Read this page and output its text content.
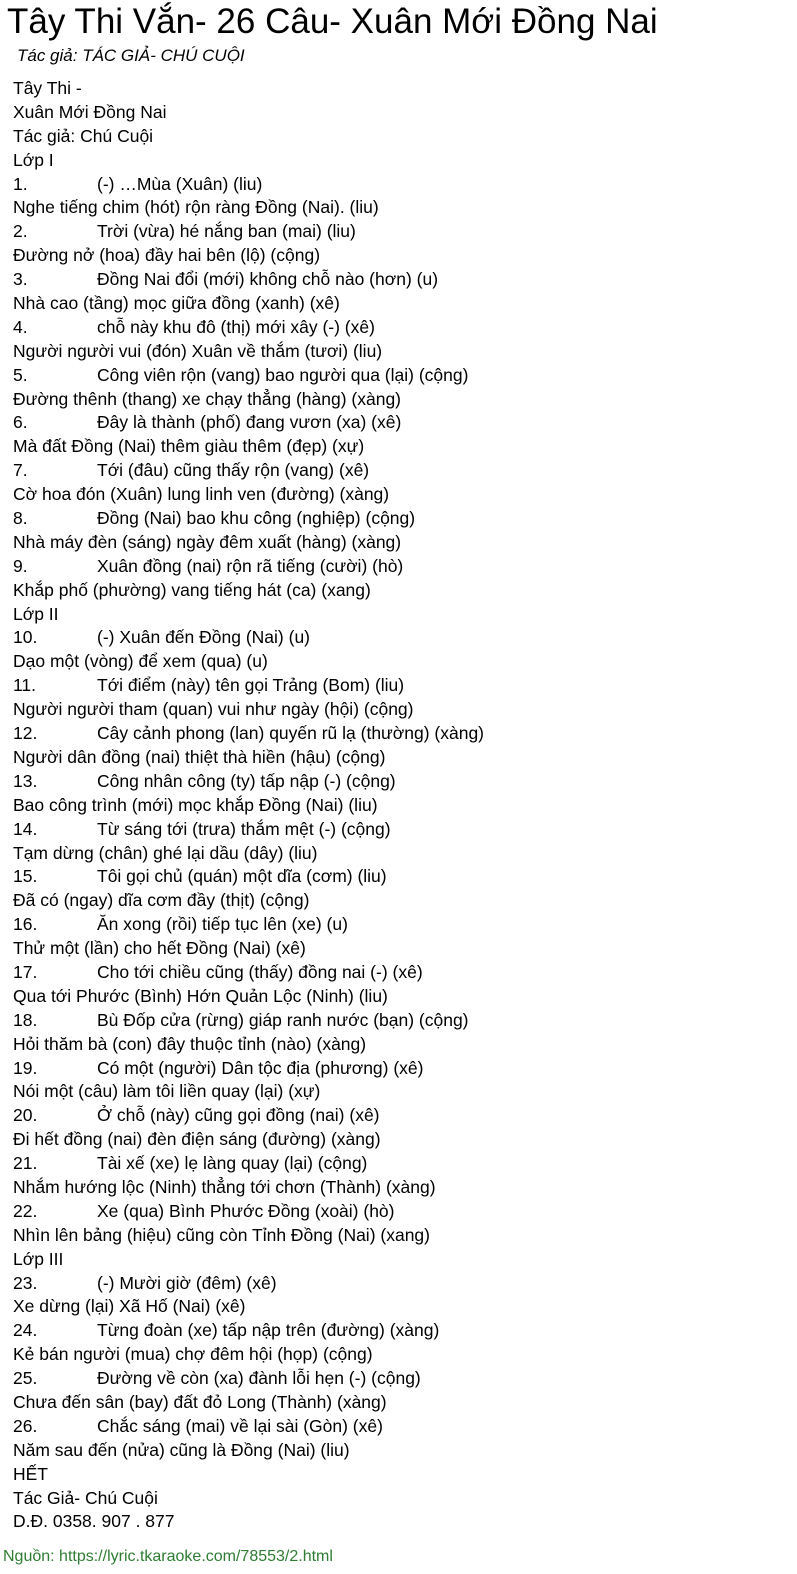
Tây Thi Vắn- 26 Câu- Xuân Mới Đồng Nai
Tác giả: TÁC GIẢ- CHÚ CUỘI
Tây Thi -
Xuân Mới Đồng Nai
Tác giả: Chú Cuội
Lớp I
1.	(-) …Mùa (Xuân) (liu)
Nghe tiếng chim (hót) rộn ràng Đồng (Nai). (liu)
2.	Trời (vừa) hé nắng ban (mai) (liu)
Đường nở (hoa) đầy hai bên (lộ) (cộng)
3.	Đồng Nai đổi (mới) không chỗ nào (hơn) (u)
Nhà cao (tầng) mọc giữa đồng (xanh) (xê)
4.	chỗ này khu đô (thị) mới xây (-) (xê)
Người người vui (đón) Xuân về thắm (tươi) (liu)
5.	Công viên rộn (vang) bao người qua (lại) (cộng)
Đường thênh (thang) xe chạy thẳng (hàng) (xàng)
6.	Đây là thành (phố) đang vươn (xa) (xê)
Mà đất Đồng (Nai) thêm giàu thêm (đẹp) (xự)
7.	Tới (đâu) cũng thấy rộn (vang) (xê)
Cờ hoa đón (Xuân) lung linh ven (đường) (xàng)
8.	Đồng (Nai) bao khu công (nghiệp) (cộng)
Nhà máy đèn (sáng) ngày đêm xuất (hàng) (xàng)
9.	Xuân đồng (nai) rộn rã tiếng (cười) (hò)
Khắp phố (phường) vang tiếng hát (ca) (xang)
Lớp II
10.	(-) Xuân đến Đồng (Nai) (u)
Dạo một (vòng) để xem (qua) (u)
11.	Tới điểm (này) tên gọi Trảng (Bom) (liu)
Người người tham (quan) vui như ngày (hội) (cộng)
12.	Cây cảnh phong (lan) quyến rũ lạ (thường) (xàng)
Người dân đồng (nai) thiệt thà hiền (hậu) (cộng)
13.	Công nhân công (ty) tấp nập (-) (cộng)
Bao công trình (mới) mọc khắp Đồng (Nai) (liu)
14.	Từ sáng tới (trưa) thắm mệt (-) (cộng)
Tạm dừng (chân) ghé lại dầu (dây) (liu)
15.	Tôi gọi chủ (quán) một dĩa (cơm) (liu)
Đã có (ngay) dĩa cơm đầy (thịt) (cộng)
16.	Ăn xong (rồi) tiếp tục lên (xe) (u)
Thử một (lần) cho hết Đồng (Nai) (xê)
17.	Cho tới chiều cũng (thấy) đồng nai (-) (xê)
Qua tới Phước (Bình) Hớn Quản Lộc (Ninh) (liu)
18.	Bù Đốp cửa (rừng) giáp ranh nước (bạn) (cộng)
Hỏi thăm bà (con) đây thuộc tỉnh (nào) (xàng)
19.	Có một (người) Dân tộc địa (phương) (xê)
Nói một (câu) làm tôi liền quay (lại) (xự)
20.	Ở chỗ (này) cũng gọi đồng (nai) (xê)
Đi hết đồng (nai) đèn điện sáng (đường) (xàng)
21.	Tài xế (xe) lẹ làng quay (lại) (cộng)
Nhắm hướng lộc (Ninh) thẳng tới chơn (Thành) (xàng)
22.	Xe (qua) Bình Phước Đồng (xoài) (hò)
Nhìn lên bảng (hiệu) cũng còn Tỉnh Đồng (Nai) (xang)
Lớp III
23.	(-) Mười giờ (đêm) (xê)
Xe dừng (lại) Xã Hố (Nai) (xê)
24.	Từng đoàn (xe) tấp nập trên (đường) (xàng)
Kẻ bán người (mua) chợ đêm hội (họp) (cộng)
25.	Đường về còn (xa) đành lỗi hẹn (-) (cộng)
Chưa đến sân (bay) đất đỏ Long (Thành) (xàng)
26.	Chắc sáng (mai) về lại sài (Gòn) (xê)
Năm sau đến (nửa) cũng là Đồng (Nai) (liu)
HẾT
Tác Giả- Chú Cuội
D.Đ. 0358. 907 . 877
Nguồn: https://lyric.tkaraoke.com/78553/2.html
